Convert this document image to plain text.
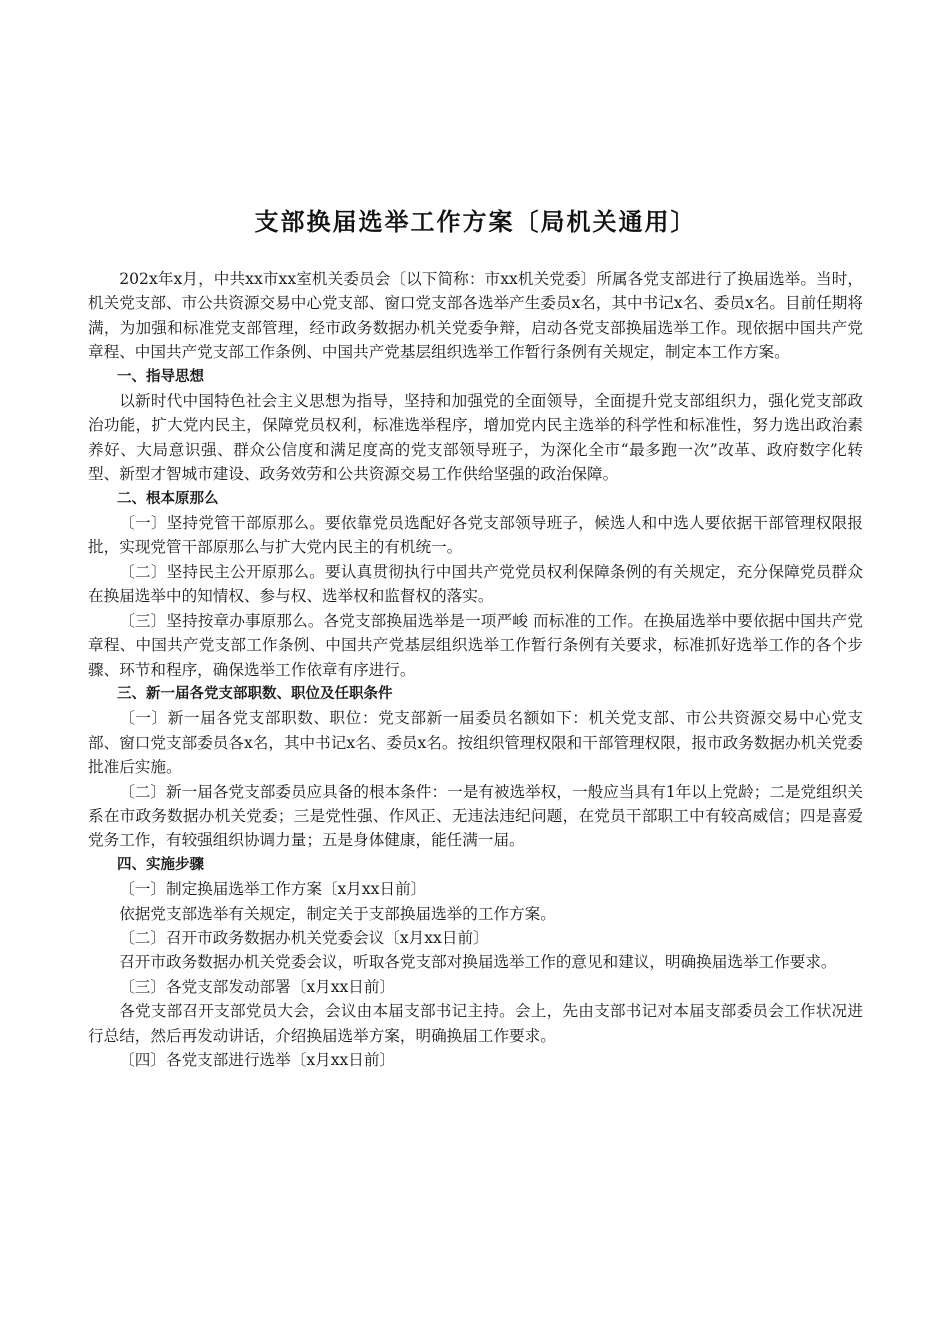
支部换届选举工作方案〔局机关通用〕

202x年x月，中共xx市xx室机关委员会〔以下简称：市xx机关党委〕所属各党支部进行了换届选举。当时，机关党支部、市公共资源交易中心党支部、窗口党支部各选举产生委员x名，其中书记x名、委员x名。目前任期将满，为加强和标准党支部管理，经市政务数据办机关党委争辩，启动各党支部换届选举工作。现依据中国共产党章程、中国共产党支部工作条例、中国共产党基层组织选举工作暂行条例有关规定，制定本工作方案。

一、指导思想

以新时代中国特色社会主义思想为指导，坚持和加强党的全面领导，全面提升党支部组织力，强化党支部政治功能，扩大党内民主，保障党员权利，标准选举程序，增加党内民主选举的科学性和标准性，努力选出政治素养好、大局意识强、群众公信度和满足度高的党支部领导班子，为深化全市“最多跑一次”改革、政府数字化转型、新型才智城市建设、政务效劳和公共资源交易工作供给坚强的政治保障。

二、根本原那么

〔一〕坚持党管干部原那么。要依靠党员选配好各党支部领导班子，候选人和中选人要依据干部管理权限报批，实现党管干部原那么与扩大党内民主的有机统一。

〔二〕坚持民主公开原那么。要认真贯彻执行中国共产党党员权利保障条例的有关规定，充分保障党员群众在换届选举中的知情权、参与权、选举权和监督权的落实。

〔三〕坚持按章办事原那么。各党支部换届选举是一项严峻 而标准的工作。在换届选举中要依据中国共产党章程、中国共产党支部工作条例、中国共产党基层组织选举工作暂行条例有关要求，标准抓好选举工作的各个步骤、环节和程序，确保选举工作依章有序进行。

三、新一届各党支部职数、职位及任职条件

〔一〕新一届各党支部职数、职位：党支部新一届委员名额如下：机关党支部、市公共资源交易中心党支部、窗口党支部委员各x名，其中书记x名、委员x名。按组织管理权限和干部管理权限，报市政务数据办机关党委批准后实施。

〔二〕新一届各党支部委员应具备的根本条件：一是有被选举权，一般应当具有1年以上党龄；二是党组织关系在市政务数据办机关党委；三是党性强、作风正、无违法违纪问题，在党员干部职工中有较高威信；四是喜爱党务工作，有较强组织协调力量；五是身体健康，能任满一届。

四、实施步骤

〔一〕制定换届选举工作方案〔x月xx日前〕

依据党支部选举有关规定，制定关于支部换届选举的工作方案。

〔二〕召开市政务数据办机关党委会议〔x月xx日前〕

召开市政务数据办机关党委会议，听取各党支部对换届选举工作的意见和建议，明确换届选举工作要求。

〔三〕各党支部发动部署〔x月xx日前〕

各党支部召开支部党员大会，会议由本届支部书记主持。会上，先由支部书记对本届支部委员会工作状况进行总结，然后再发动讲话，介绍换届选举方案，明确换届工作要求。

〔四〕各党支部进行选举〔x月xx日前〕
